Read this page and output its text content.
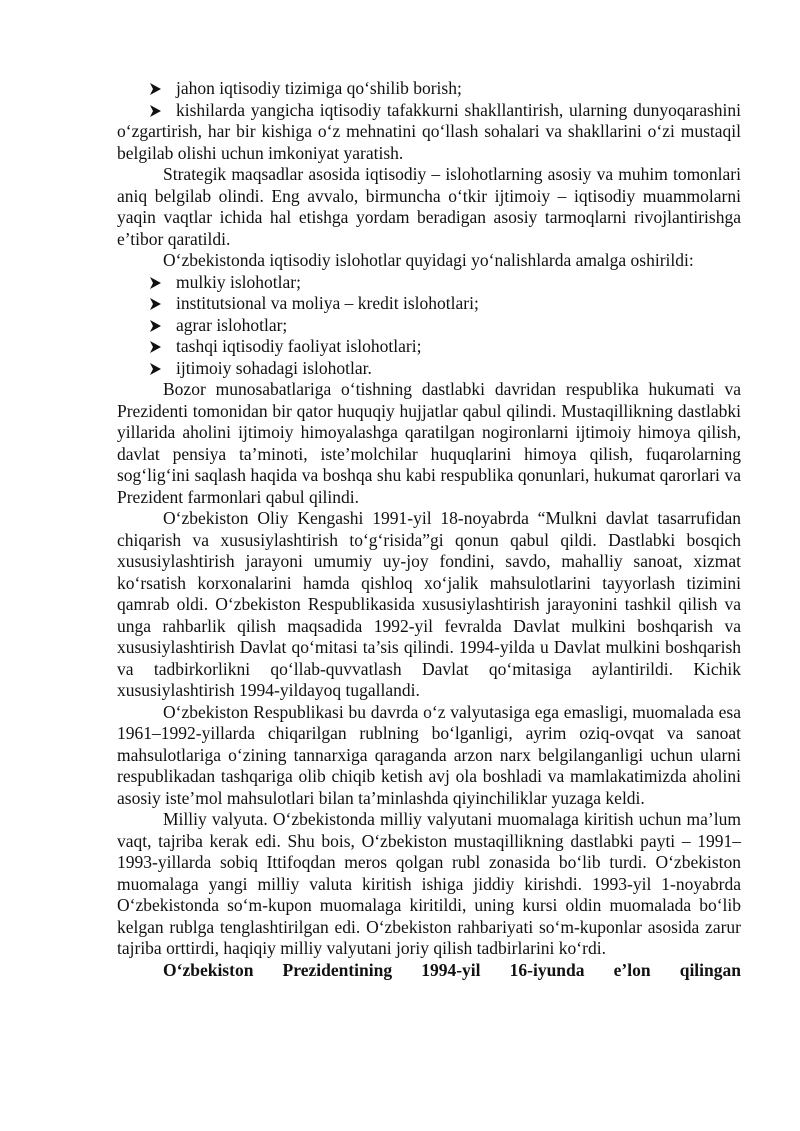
jahon iqtisodiy tizimiga qo‘shilib borish;
kishilarda yangicha iqtisodiy tafakkurni shakllantirish, ularning dunyoqarashini o‘zgartirish, har bir kishiga o‘z mehnatini qo‘llash sohalari va shakllarini o‘zi mustaqil belgilab olishi uchun imkoniyat yaratish.

Strategik maqsadlar asosida iqtisodiy – islohotlarning asosiy va muhim tomonlari aniq belgilab olindi. Eng avvalo, birmuncha o‘tkir ijtimoiy – iqtisodiy muammolarni yaqin vaqtlar ichida hal etishga yordam beradigan asosiy tarmoqlarni rivojlantirishga e’tibor qaratildi.

O‘zbekistonda iqtisodiy islohotlar quyidagi yo‘nalishlarda amalga oshirildi:

mulkiy islohotlar;
institutsional va moliya – kredit islohotlari;
agrar islohotlar;
tashqi iqtisodiy faoliyat islohotlari;
ijtimoiy sohadagi islohotlar.

Bozor munosabatlariga o‘tishning dastlabki davridan respublika hukumati va Prezidenti tomonidan bir qator huquqiy hujjatlar qabul qilindi. Mustaqillikning dastlabki yillarida aholini ijtimoiy himoyalashga qaratilgan nogironlarni ijtimoiy himoya qilish, davlat pensiya ta’minoti, iste’molchilar huquqlarini himoya qilish, fuqarolarning sog‘lig‘ini saqlash haqida va boshqa shu kabi respublika qonunlari, hukumat qarorlari va Prezident farmonlari qabul qilindi.

O‘zbekiston Oliy Kengashi 1991-yil 18-noyabrda “Mulkni davlat tasarrufidan chiqarish va xususiylashtirish to‘g‘risida”gi qonun qabul qildi. Dastlabki bosqich xususiylashtirish jarayoni umumiy uy-joy fondini, savdo, mahalliy sanoat, xizmat ko‘rsatish korxonalarini hamda qishloq xo‘jalik mahsulotlarini tayyorlash tizimini qamrab oldi. O‘zbekiston Respublikasida xususiylashtirish jarayonini tashkil qilish va unga rahbarlik qilish maqsadida 1992-yil fevralda Davlat mulkini boshqarish va xususiylashtirish Davlat qo‘mitasi ta’sis qilindi. 1994-yilda u Davlat mulkini boshqarish va tadbirkorlikni qo‘llab-quvvatlash Davlat qo‘mitasiga aylantirildi. Kichik xususiylashtirish 1994-yildayoq tugallandi.

O‘zbekiston Respublikasi bu davrda o‘z valyutasiga ega emasligi, muomalada esa 1961–1992-yillarda chiqarilgan rublning bo‘lganligi, ayrim oziq-ovqat va sanoat mahsulotlariga o‘zining tannarxiga qaraganda arzon narx belgilanganligi uchun ularni respublikadan tashqariga olib chiqib ketish avj ola boshladi va mamlakatimizda aholini asosiy iste’mol mahsulotlari bilan ta’minlashda qiyinchiliklar yuzaga keldi.

Milliy valyuta. O‘zbekistonda milliy valyutani muomalaga kiritish uchun ma’lum vaqt, tajriba kerak edi. Shu bois, O‘zbekiston mustaqillikning dastlabki payti – 1991–1993-yillarda sobiq Ittifoqdan meros qolgan rubl zonasida bo‘lib turdi. O‘zbekiston muomalaga yangi milliy valuta kiritish ishiga jiddiy kirishdi. 1993-yil 1-noyabrda O‘zbekistonda so‘m-kupon muomalaga kiritildi, uning kursi oldin muomalada bo‘lib kelgan rublga tenglashtirilgan edi. O‘zbekiston rahbariyati so‘m-kuponlar asosida zarur tajriba orttirdi, haqiqiy milliy valyutani joriy qilish tadbirlarini ko‘rdi.

O‘zbekiston Prezidentining 1994-yil 16-iyunda e’lon qilingan
